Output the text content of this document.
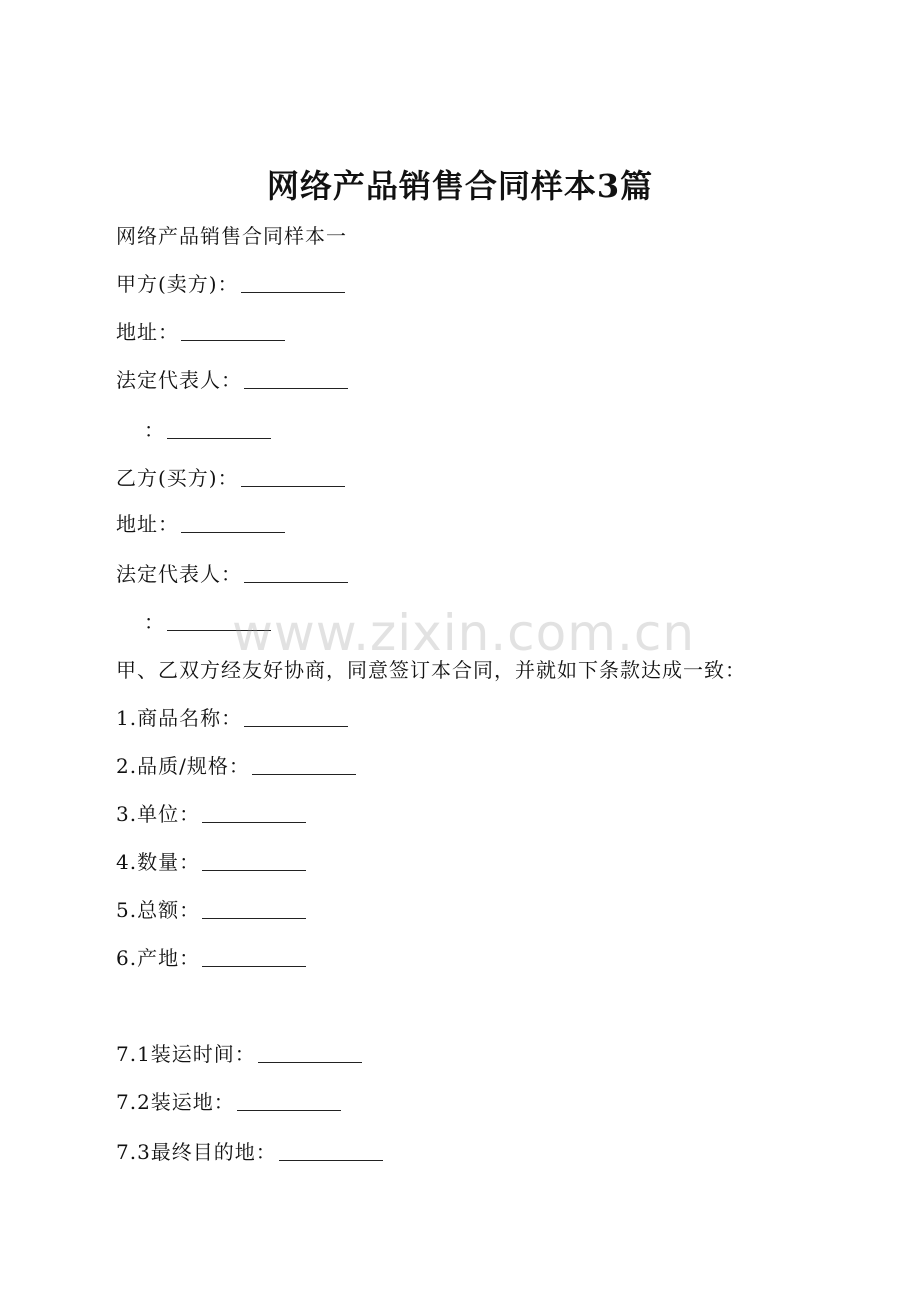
网络产品销售合同样本3篇
网络产品销售合同样本一
甲方(卖方)：
地址：
法定代表人：
：
乙方(买方)：
地址：
法定代表人：
：
甲、乙双方经友好协商，同意签订本合同，并就如下条款达成一致：
1.商品名称：
2.品质/规格：
3.单位：
4.数量：
5.总额：
6.产地：
7.1装运时间：
7.2装运地：
7.3最终目的地：
www.zixin.com.cn
